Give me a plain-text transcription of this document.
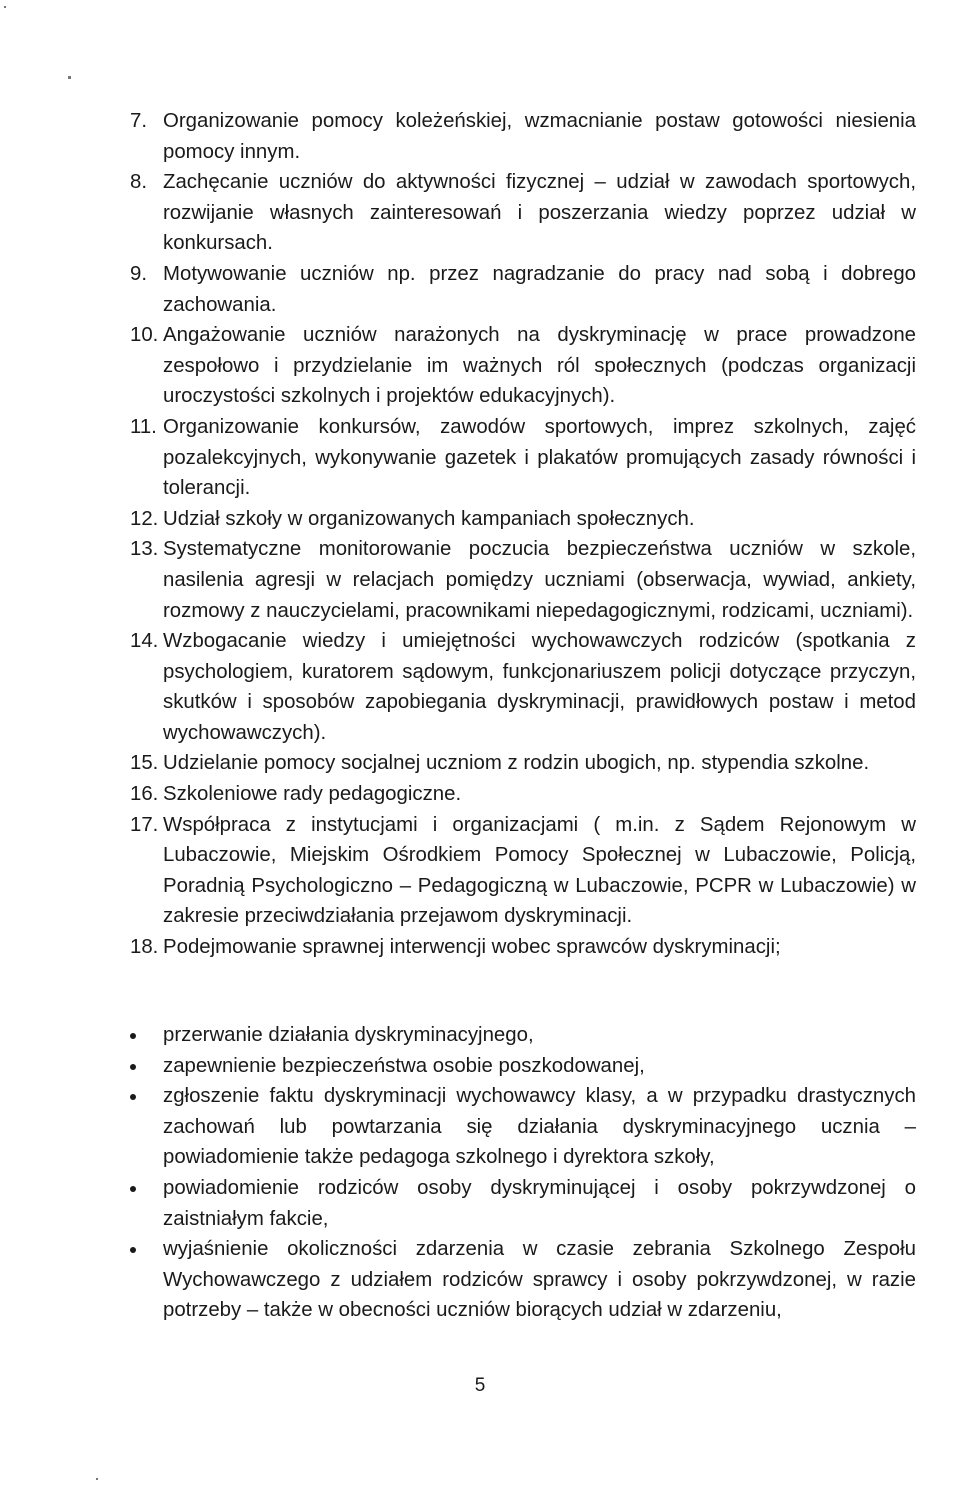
7. Organizowanie pomocy koleżeńskiej, wzmacnianie postaw gotowości niesienia pomocy innym.
8. Zachęcanie uczniów do aktywności fizycznej – udział w zawodach sportowych, rozwijanie własnych zainteresowań i poszerzania wiedzy poprzez udział w konkursach.
9. Motywowanie uczniów np. przez nagradzanie do pracy nad sobą i dobrego zachowania.
10. Angażowanie uczniów narażonych na dyskryminację w prace prowadzone zespołowo i przydzielanie im ważnych ról społecznych (podczas organizacji uroczystości szkolnych i projektów edukacyjnych).
11. Organizowanie konkursów, zawodów sportowych, imprez szkolnych, zajęć pozalekcyjnych, wykonywanie gazetek i plakatów promujących zasady równości i tolerancji.
12. Udział szkoły w organizowanych kampaniach społecznych.
13. Systematyczne monitorowanie poczucia bezpieczeństwa uczniów w szkole, nasilenia agresji w relacjach pomiędzy uczniami (obserwacja, wywiad, ankiety, rozmowy z nauczycielami, pracownikami niepedagogicznymi, rodzicami, uczniami).
14. Wzbogacanie wiedzy i umiejętności wychowawczych rodziców (spotkania z psychologiem, kuratorem sądowym, funkcjonariuszem policji dotyczące przyczyn, skutków i sposobów zapobiegania dyskryminacji, prawidłowych postaw i metod wychowawczych).
15. Udzielanie pomocy socjalnej uczniom z rodzin ubogich, np. stypendia szkolne.
16. Szkoleniowe rady pedagogiczne.
17. Współpraca z instytucjami i organizacjami ( m.in. z Sądem Rejonowym w Lubaczowie, Miejskim Ośrodkiem Pomocy Społecznej w Lubaczowie, Policją, Poradnią Psychologiczno – Pedagogiczną w Lubaczowie, PCPR w Lubaczowie) w zakresie przeciwdziałania przejawom dyskryminacji.
18. Podejmowanie sprawnej interwencji wobec sprawców dyskryminacji;
przerwanie działania dyskryminacyjnego,
zapewnienie bezpieczeństwa osobie poszkodowanej,
zgłoszenie faktu dyskryminacji wychowawcy klasy, a w przypadku drastycznych zachowań lub powtarzania się działania dyskryminacyjnego ucznia – powiadomienie także pedagoga szkolnego i dyrektora szkoły,
powiadomienie rodziców osoby dyskryminującej i osoby pokrzywdzonej o zaistniałym fakcie,
wyjaśnienie okoliczności zdarzenia w czasie zebrania Szkolnego Zespołu Wychowawczego z udziałem rodziców sprawcy i osoby pokrzywdzonej, w razie potrzeby – także w obecności uczniów biorących udział w zdarzeniu,
5
